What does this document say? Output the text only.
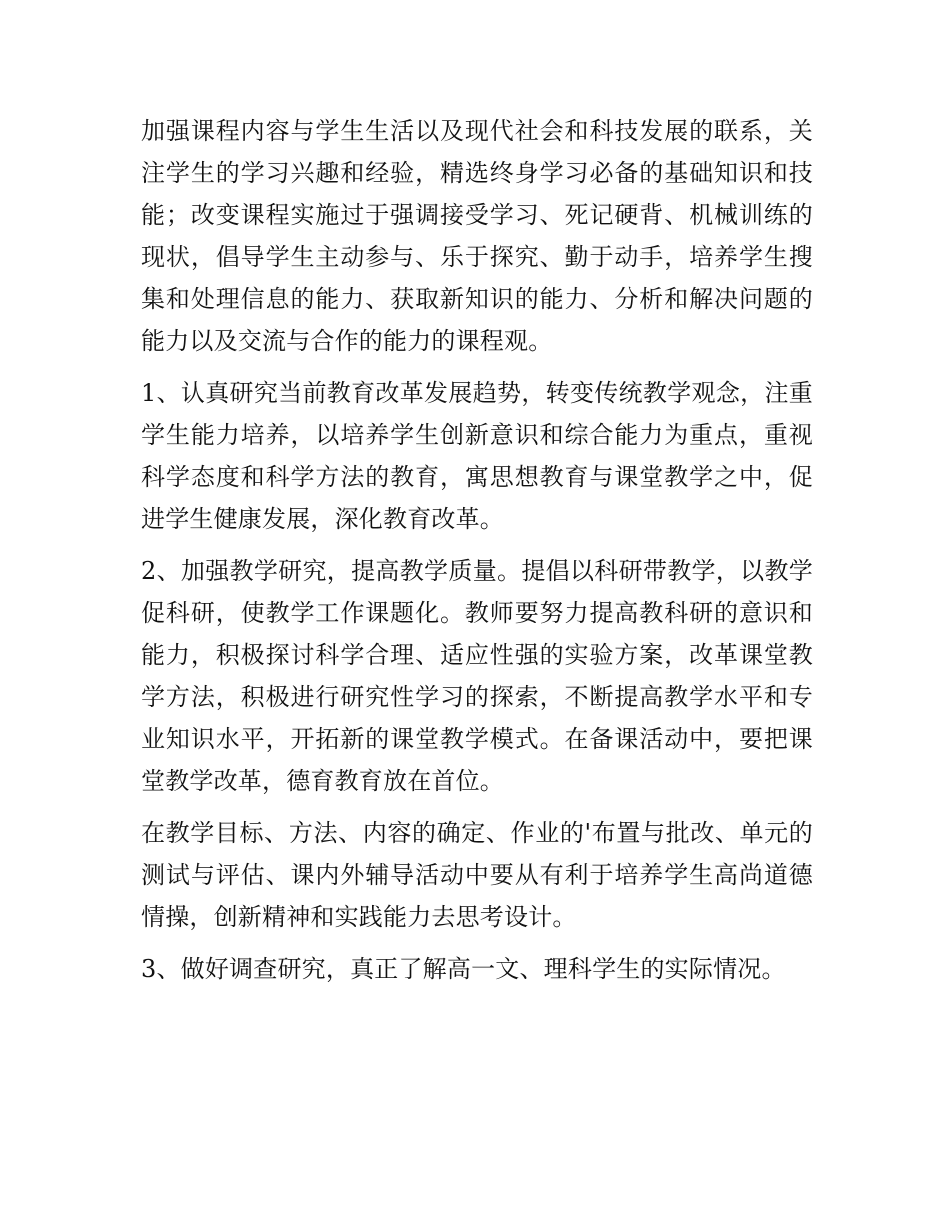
加强课程内容与学生生活以及现代社会和科技发展的联系，关注学生的学习兴趣和经验，精选终身学习必备的基础知识和技能；改变课程实施过于强调接受学习、死记硬背、机械训练的现状，倡导学生主动参与、乐于探究、勤于动手，培养学生搜集和处理信息的能力、获取新知识的能力、分析和解决问题的能力以及交流与合作的能力的课程观。

1、认真研究当前教育改革发展趋势，转变传统教学观念，注重学生能力培养，以培养学生创新意识和综合能力为重点，重视科学态度和科学方法的教育，寓思想教育与课堂教学之中，促进学生健康发展，深化教育改革。

2、加强教学研究，提高教学质量。提倡以科研带教学，以教学促科研，使教学工作课题化。教师要努力提高教科研的意识和能力，积极探讨科学合理、适应性强的实验方案，改革课堂教学方法，积极进行研究性学习的探索，不断提高教学水平和专业知识水平，开拓新的课堂教学模式。在备课活动中，要把课堂教学改革，德育教育放在首位。

在教学目标、方法、内容的确定、作业的'布置与批改、单元的测试与评估、课内外辅导活动中要从有利于培养学生高尚道德情操，创新精神和实践能力去思考设计。

3、做好调查研究，真正了解高一文、理科学生的实际情况。
